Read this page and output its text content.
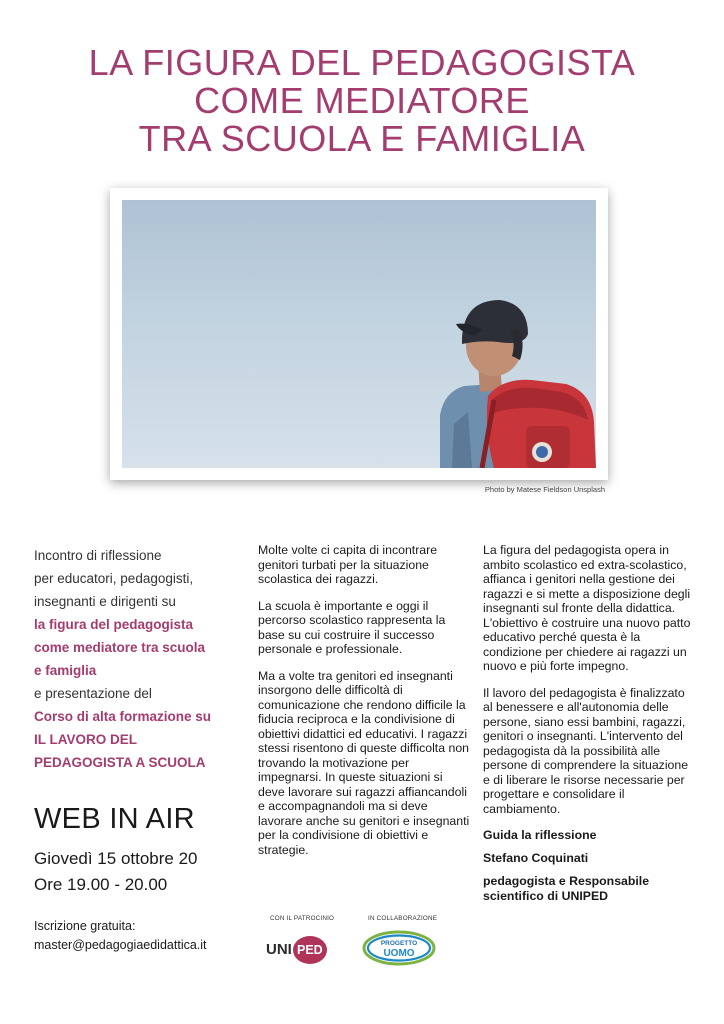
LA FIGURA DEL PEDAGOGISTA
COME MEDIATORE
TRA SCUOLA E FAMIGLIA
Photo by Matese Fieldson Unsplash
Incontro di riflessione
per educatori, pedagogisti,
insegnanti e dirigenti su
la figura del pedagogista
come mediatore tra scuola
e famiglia
e presentazione del
Corso di alta formazione su
IL LAVORO DEL
PEDAGOGISTA A SCUOLA
WEB IN AIR
Giovedì 15 ottobre 20
Ore 19.00 - 20.00
Iscrizione gratuita:
master@pedagogiaedidattica.it

Molte volte ci capita di incontrare genitori turbati per la situazione scolastica dei ragazzi.

La scuola è importante e oggi il percorso scolastico rappresenta la base su cui costruire il successo personale e professionale.

Ma a volte tra genitori ed insegnanti insorgono delle difficoltà di comunicazione che rendono difficile la fiducia reciproca e la condivisione di obiettivi didattici ed educativi. I ragazzi stessi risentono di queste difficolta non trovando la motivazione per impegnarsi. In queste situazioni si deve lavorare sui ragazzi affiancandoli e accompagnandoli ma si deve lavorare anche su genitori e insegnanti per la condivisione di obiettivi e strategie.

La figura del pedagogista opera in ambito scolastico ed extra-scolastico, affianca i genitori nella gestione dei ragazzi e si mette a disposizione degli insegnanti sul fronte della didattica. L'obiettivo è costruire una nuovo patto educativo perché questa è la condizione per chiedere ai ragazzi un nuovo e più forte impegno.

Il lavoro del pedagogista è finalizzato al benessere e all'autonomia delle persone, siano essi bambini, ragazzi, genitori o insegnanti. L'intervento del pedagogista dà la possibilità alle persone di comprendere la situazione e di liberare le risorse necessarie per progettare e consolidare il cambiamento.

Guida la riflessione

Stefano Coquinati

pedagogista e Responsabile scientifico di UNIPED

CON IL PATROCINIO	IN COLLABORAZIONE
UNI PED	PROGETTO
UOMO
